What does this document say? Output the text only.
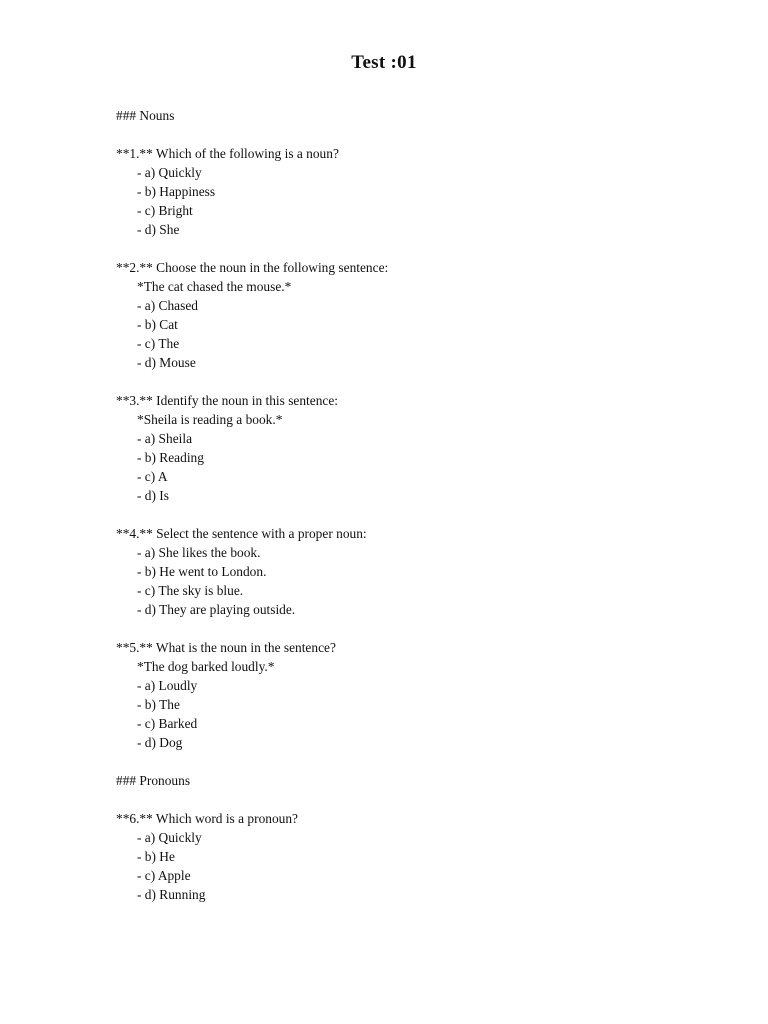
Test :01
### Nouns
**1.** Which of the following is a noun?
- a) Quickly
- b) Happiness
- c) Bright
- d) She
**2.** Choose the noun in the following sentence:
*The cat chased the mouse.*
- a) Chased
- b) Cat
- c) The
- d) Mouse
**3.** Identify the noun in this sentence:
*Sheila is reading a book.*
- a) Sheila
- b) Reading
- c) A
- d) Is
**4.** Select the sentence with a proper noun:
- a) She likes the book.
- b) He went to London.
- c) The sky is blue.
- d) They are playing outside.
**5.** What is the noun in the sentence?
*The dog barked loudly.*
- a) Loudly
- b) The
- c) Barked
- d) Dog
### Pronouns
**6.** Which word is a pronoun?
- a) Quickly
- b) He
- c) Apple
- d) Running
